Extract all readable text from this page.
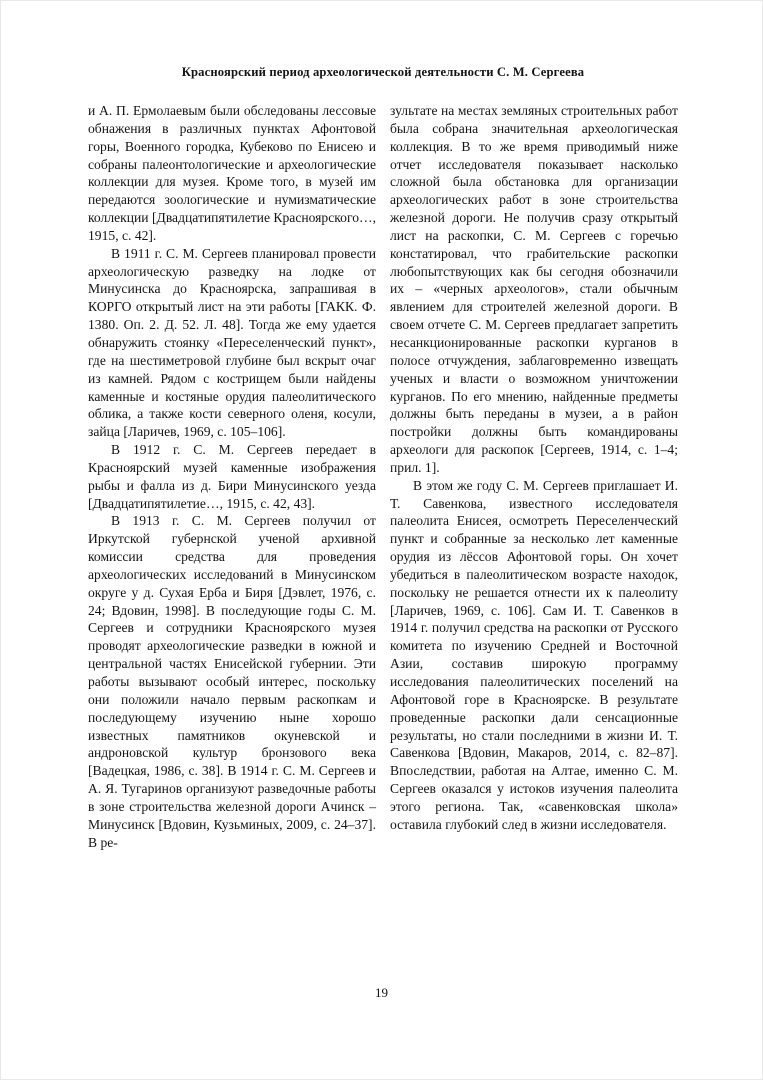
Красноярский период археологической деятельности С. М. Сергеева

и А. П. Ермолаевым были обследованы лессовые обнажения в различных пунктах Афонтовой горы, Военного городка, Кубеково по Енисею и собраны палеонтологические и археологические коллекции для музея. Кроме того, в музей им передаются зоологические и нумизматические коллекции [Двадцатипятилетие Красноярского…, 1915, с. 42].

В 1911 г. С. М. Сергеев планировал провести археологическую разведку на лодке от Минусинска до Красноярска, запрашивая в КОРГО открытый лист на эти работы [ГАКК. Ф. 1380. Оп. 2. Д. 52. Л. 48]. Тогда же ему удается обнаружить стоянку «Переселенческий пункт», где на шестиметровой глубине был вскрыт очаг из камней. Рядом с кострищем были найдены каменные и костяные орудия палеолитического облика, а также кости северного оленя, косули, зайца [Ларичев, 1969, с. 105–106].

В 1912 г. С. М. Сергеев передает в Красноярский музей каменные изображения рыбы и фалла из д. Бири Минусинского уезда [Двадцатипятилетие…, 1915, с. 42, 43].

В 1913 г. С. М. Сергеев получил от Иркутской губернской ученой архивной комиссии средства для проведения археологических исследований в Минусинском округе у д. Сухая Ерба и Биря [Дэвлет, 1976, с. 24; Вдовин, 1998]. В последующие годы С. М. Сергеев и сотрудники Красноярского музея проводят археологические разведки в южной и центральной частях Енисейской губернии. Эти работы вызывают особый интерес, поскольку они положили начало первым раскопкам и последующему изучению ныне хорошо известных памятников окуневской и андроновской культур бронзового века [Вадецкая, 1986, с. 38]. В 1914 г. С. М. Сергеев и А. Я. Тугаринов организуют разведочные работы в зоне строительства железной дороги Ачинск – Минусинск [Вдовин, Кузьминых, 2009, с. 24–37]. В ре-

зультате на местах земляных строительных работ была собрана значительная археологическая коллекция. В то же время приводимый ниже отчет исследователя показывает насколько сложной была обстановка для организации археологических работ в зоне строительства железной дороги. Не получив сразу открытый лист на раскопки, С. М. Сергеев с горечью констатировал, что грабительские раскопки любопытствующих как бы сегодня обозначили их – «черных археологов», стали обычным явлением для строителей железной дороги. В своем отчете С. М. Сергеев предлагает запретить несанкционированные раскопки курганов в полосе отчуждения, заблаговременно извещать ученых и власти о возможном уничтожении курганов. По его мнению, найденные предметы должны быть переданы в музеи, а в район постройки должны быть командированы археологи для раскопок [Сергеев, 1914, с. 1–4; прил. 1].

В этом же году С. М. Сергеев приглашает И. Т. Савенкова, известного исследователя палеолита Енисея, осмотреть Переселенческий пункт и собранные за несколько лет каменные орудия из лёссов Афонтовой горы. Он хочет убедиться в палеолитическом возрасте находок, поскольку не решается отнести их к палеолиту [Ларичев, 1969, с. 106]. Сам И. Т. Савенков в 1914 г. получил средства на раскопки от Русского комитета по изучению Средней и Восточной Азии, составив широкую программу исследования палеолитических поселений на Афонтовой горе в Красноярске. В результате проведенные раскопки дали сенсационные результаты, но стали последними в жизни И. Т. Савенкова [Вдовин, Макаров, 2014, с. 82–87]. Впоследствии, работая на Алтае, именно С. М. Сергеев оказался у истоков изучения палеолита этого региона. Так, «савенковская школа» оставила глубокий след в жизни исследователя.

19
